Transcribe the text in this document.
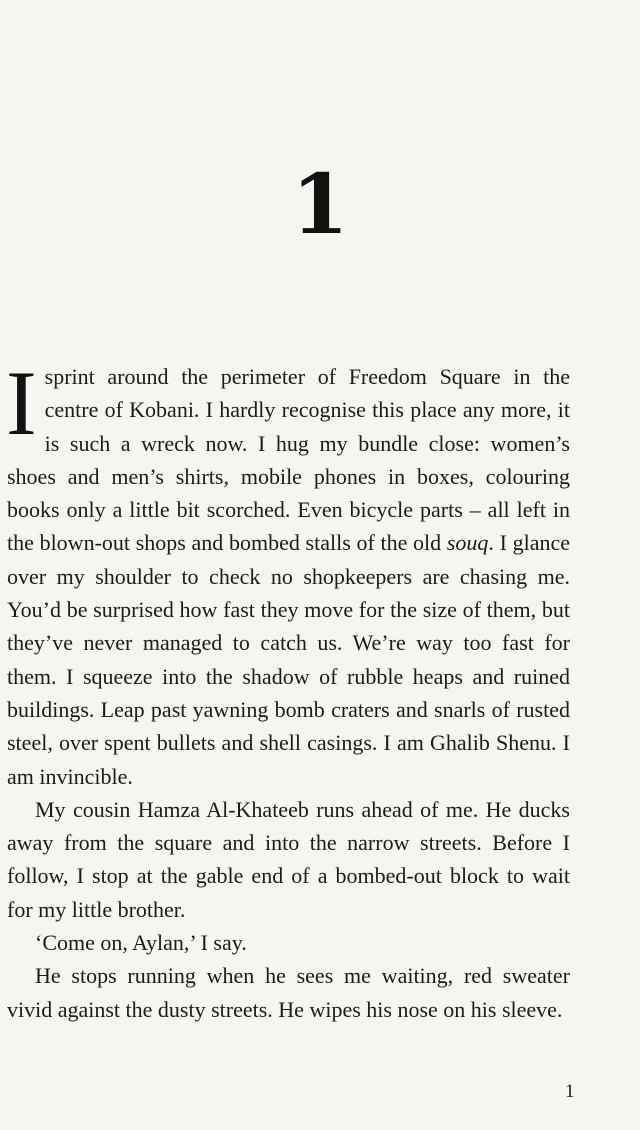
1

Isprint around the perimeter of Freedom Square in the centre of Kobani. I hardly recognise this place any more, it is such a wreck now. I hug my bundle close: women’s shoes and men’s shirts, mobile phones in boxes, colouring books only a little bit scorched. Even bicycle parts – all left in the blown-out shops and bombed stalls of the old souq. I glance over my shoulder to check no shopkeepers are chasing me. You’d be surprised how fast they move for the size of them, but they’ve never managed to catch us. We’re way too fast for them. I squeeze into the shadow of rubble heaps and ruined buildings. Leap past yawning bomb craters and snarls of rusted steel, over spent bullets and shell casings. I am Ghalib Shenu. I am invincible.

My cousin Hamza Al-Khateeb runs ahead of me. He ducks away from the square and into the narrow streets. Before I follow, I stop at the gable end of a bombed-out block to wait for my little brother.

‘Come on, Aylan,’ I say.

He stops running when he sees me waiting, red sweater vivid against the dusty streets. He wipes his nose on his sleeve.

1
